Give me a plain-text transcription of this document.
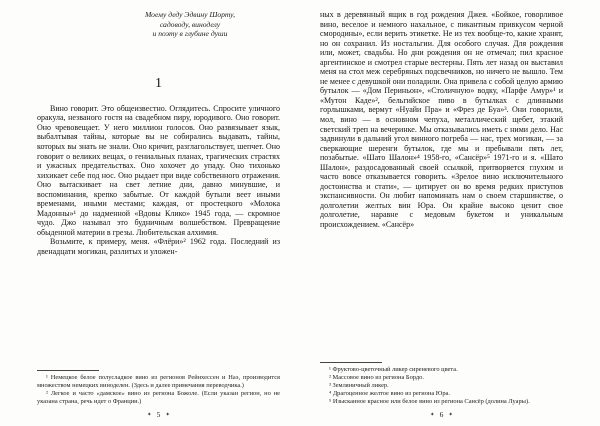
Моему деду Эдвину Шорту,
садоводу, виноделу
и поэту в глубине души
1

Вино говорит. Это общеизвестно. Оглядитесь. Спросите уличного оракула, незваного гостя на свадебном пиру, юродивого. Оно говорит. Оно чревовещает. У него миллион голосов. Оно развязывает язык, выбалтывая тайны, которые вы не собирались выдавать, тайны, которых вы знать не знали. Оно кричит, разглагольствует, шепчет. Оно говорит о великих вещах, о гениальных планах, трагических страстях и ужасных предательствах. Оно хохочет до упаду. Оно тихонько хихикает себе под нос. Оно рыдает при виде собственного отражения. Оно вытаскивает на свет летние дни, давно минувшие, и воспоминания, крепко забытые. От каждой бутыли веет иными временами, иными местами; каждая, от простецкого «Молока Мадонны»¹ до надменной «Вдовы Клико» 1945 года, — скромное чудо. Джо называл это будничным волшебством. Превращение обыденной материи в грезы. Любительская алхимия.

Возьмите, к примеру, меня. «Флёри»² 1962 года. Последний из двенадцати могикан, разлитых и уложен-

¹ Немецкое белое полусладкое вино из регионов Рейнхессен и Наэ, производится множеством немецких виноделен. (Здесь и далее примечания переводчика.)

² Легкое и часто «дамское» вино из региона Божоле. (Если указан регион, но не указана страна, речь идет о Франции.)

✦ 5 ✦

ных в деревянный ящик в год рождения Джея. «Бойкое, говорливое вино, веселое и немного нахальное, с пикантным привкусом черной смородины», если верить этикетке. Не из тех вообще-то, какие хранят, но он сохранил. Из ностальгии. Для особого случая. Для рождения или, может, свадьбы. Но дни рождения он не отмечал; пил красное аргентинское и смотрел старые вестерны. Пять лет назад он выставил меня на стол меж серебряных подсвечников, но ничего не вышло. Тем не менее с девушкой они поладили. Она привела с собой целую армию бутылок — «Дом Периньон», «Столичную» водку, «Парфе Амур»¹ и «Мутон Каде»², бельгийское пиво в бутылках с длинными горлышками, вермут «Нуайи Пра» и «Фрез де Буа»³. Они говорили, мол, вино — в основном чепуха, металлический щебет, этакий светский треп на вечеринке. Мы отказывались иметь с ними дело. Нас задвинули в дальний угол винного погреба — нас, трех могикан, — за сверкающие шеренги бутылок, где мы и пребывали пять лет, позабытые. «Шато Шалон»⁴ 1958-го, «Сансёр»⁵ 1971-го и я. «Шато Шалон», раздосадованный своей ссылкой, притворяется глухим и часто вовсе отказывается говорить. «Зрелое вино исключительного достоинства и стати», — цитирует он во время редких приступов экспансивности. Он любит напоминать нам о своем старшинстве, о долголетии желтых вин Юра. Он крайне высоко ценит свое долголетие, наравне с медовым букетом и уникальным происхождением. «Сансёр»

¹ Фруктово-цветочный ликер сиреневого цвета.

² Массовое вино из региона Бордо.

³ Земляничный ликер.

⁴ Драгоценное желтое вино из региона Юра.

⁵ Изысканное красное или белое вино из региона Сансёр (долина Луары).

✦ 6 ✦
